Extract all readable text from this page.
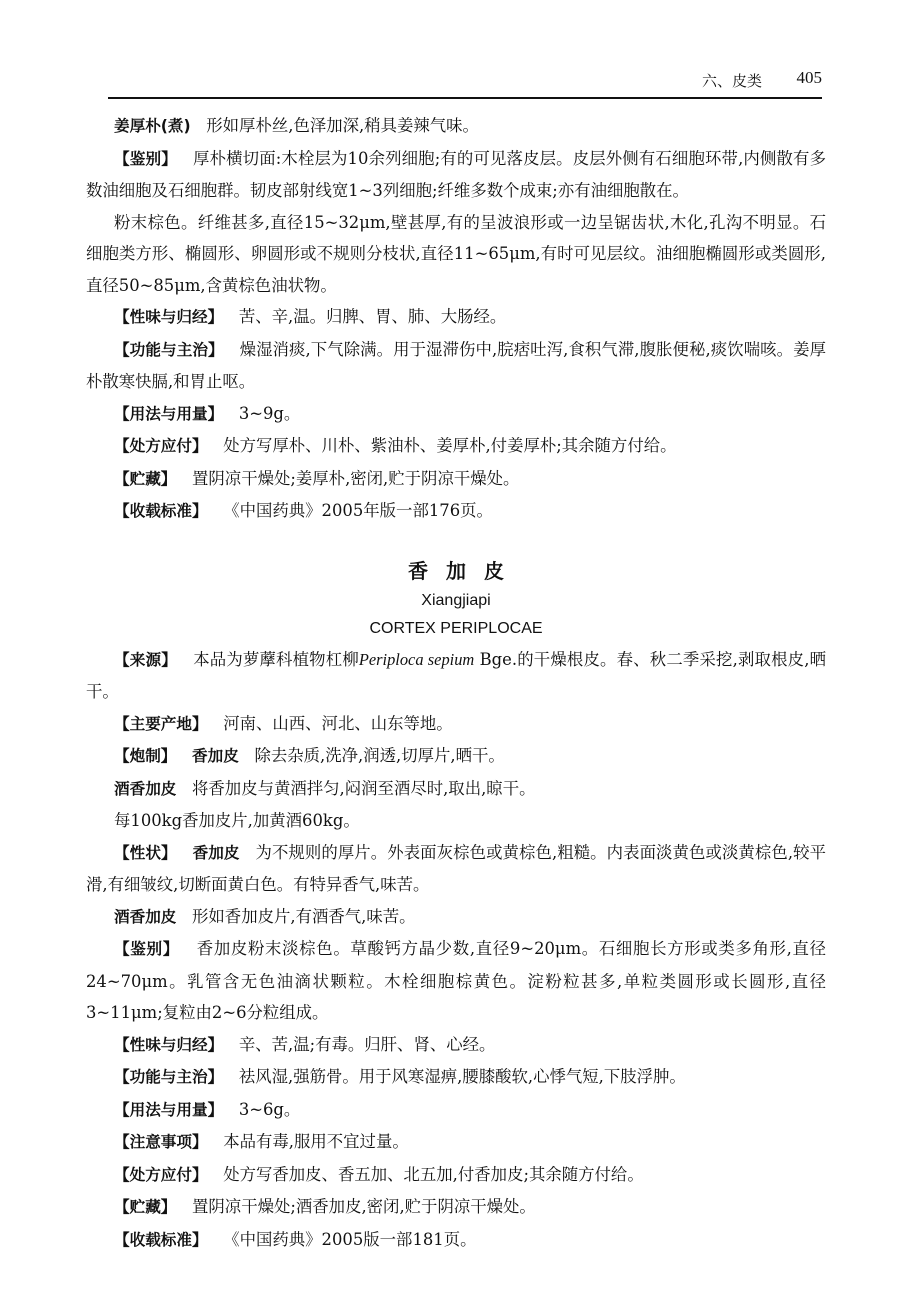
六、皮类 405

姜厚朴(煮) 形如厚朴丝,色泽加深,稍具姜辣气味。

【鉴别】 厚朴横切面:木栓层为10余列细胞;有的可见落皮层。皮层外侧有石细胞环带,内侧散有多数油细胞及石细胞群。韧皮部射线宽1~3列细胞;纤维多数个成束;亦有油细胞散在。

粉末棕色。纤维甚多,直径15~32μm,壁甚厚,有的呈波浪形或一边呈锯齿状,木化,孔沟不明显。石细胞类方形、椭圆形、卵圆形或不规则分枝状,直径11~65μm,有时可见层纹。油细胞椭圆形或类圆形,直径50~85μm,含黄棕色油状物。

【性味与归经】 苦、辛,温。归脾、胃、肺、大肠经。

【功能与主治】 燥湿消痰,下气除满。用于湿滞伤中,脘痞吐泻,食积气滞,腹胀便秘,痰饮喘咳。姜厚朴散寒快膈,和胃止呕。

【用法与用量】 3~9g。

【处方应付】 处方写厚朴、川朴、紫油朴、姜厚朴,付姜厚朴;其余随方付给。

【贮藏】 置阴凉干燥处;姜厚朴,密闭,贮于阴凉干燥处。

【收载标准】 《中国药典》2005年版一部176页。

香加皮
Xiangjiapi
CORTEX PERIPLOCAE

【来源】 本品为萝藦科植物杠柳Periploca sepium Bge.的干燥根皮。春、秋二季采挖,剥取根皮,晒干。

【主要产地】 河南、山西、河北、山东等地。

【炮制】 香加皮 除去杂质,洗净,润透,切厚片,晒干。

酒香加皮 将香加皮与黄酒拌匀,闷润至酒尽时,取出,晾干。

每100kg香加皮片,加黄酒60kg。

【性状】 香加皮 为不规则的厚片。外表面灰棕色或黄棕色,粗糙。内表面淡黄色或淡黄棕色,较平滑,有细皱纹,切断面黄白色。有特异香气,味苦。

酒香加皮 形如香加皮片,有酒香气,味苦。

【鉴别】 香加皮粉末淡棕色。草酸钙方晶少数,直径9~20μm。石细胞长方形或类多角形,直径24~70μm。乳管含无色油滴状颗粒。木栓细胞棕黄色。淀粉粒甚多,单粒类圆形或长圆形,直径3~11μm;复粒由2~6分粒组成。

【性味与归经】 辛、苦,温;有毒。归肝、肾、心经。

【功能与主治】 祛风湿,强筋骨。用于风寒湿痹,腰膝酸软,心悸气短,下肢浮肿。

【用法与用量】 3~6g。

【注意事项】 本品有毒,服用不宜过量。

【处方应付】 处方写香加皮、香五加、北五加,付香加皮;其余随方付给。

【贮藏】 置阴凉干燥处;酒香加皮,密闭,贮于阴凉干燥处。

【收载标准】 《中国药典》2005版一部181页。
